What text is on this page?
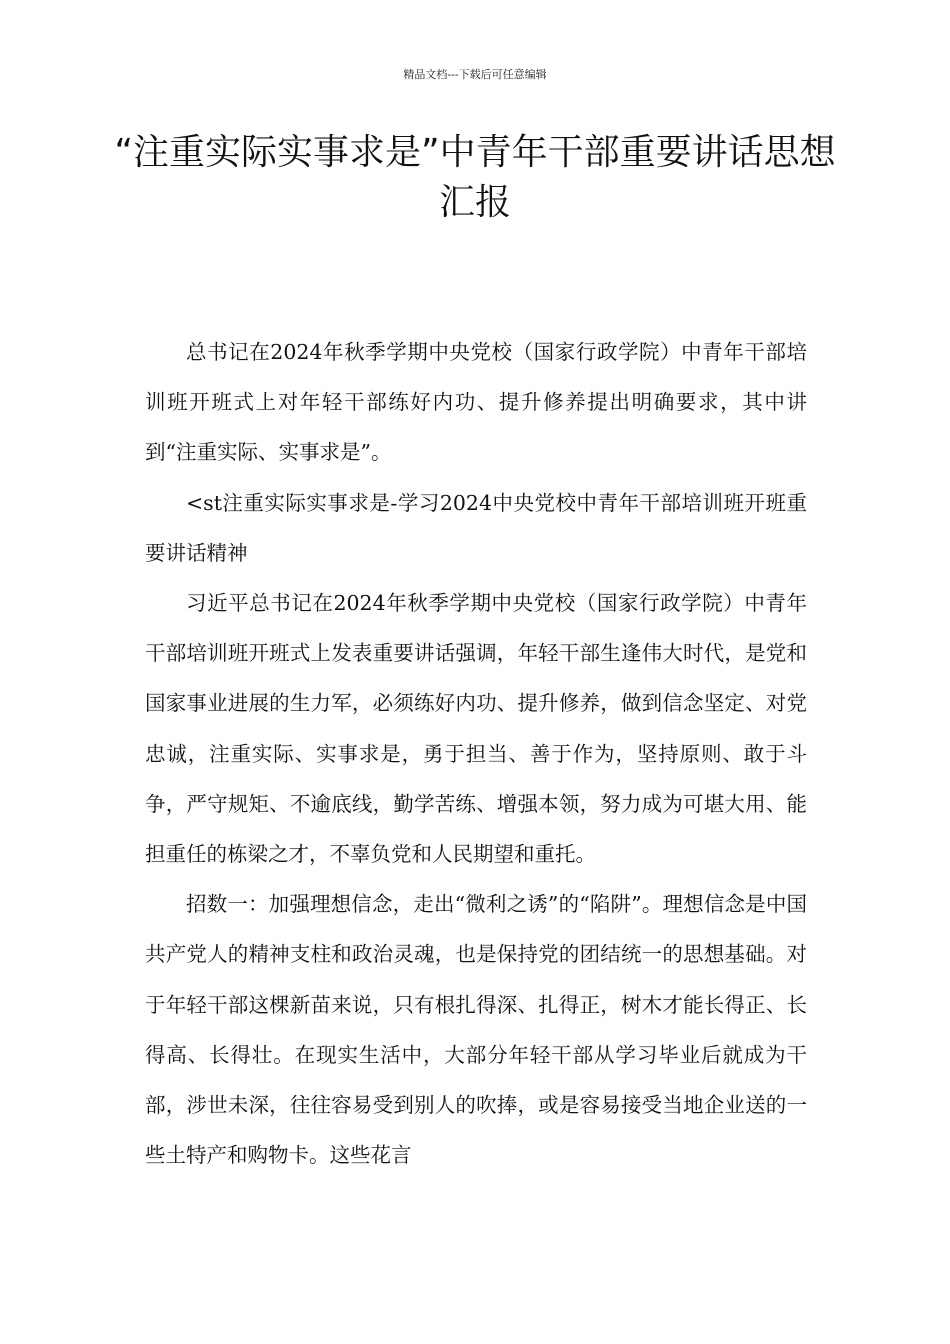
精品文档---下载后可任意编辑
“注重实际实事求是”中青年干部重要讲话思想汇报

总书记在2024年秋季学期中央党校（国家行政学院）中青年干部培训班开班式上对年轻干部练好内功、提升修养提出明确要求，其中讲到“注重实际、实事求是”。

<st注重实际实事求是-学习2024中央党校中青年干部培训班开班重要讲话精神

习近平总书记在2024年秋季学期中央党校（国家行政学院）中青年干部培训班开班式上发表重要讲话强调，年轻干部生逢伟大时代，是党和国家事业进展的生力军，必须练好内功、提升修养，做到信念坚定、对党忠诚，注重实际、实事求是，勇于担当、善于作为，坚持原则、敢于斗争，严守规矩、不逾底线，勤学苦练、增强本领，努力成为可堪大用、能担重任的栋梁之才，不辜负党和人民期望和重托。

招数一：加强理想信念，走出“微利之诱”的“陷阱”。理想信念是中国共产党人的精神支柱和政治灵魂，也是保持党的团结统一的思想基础。对于年轻干部这棵新苗来说，只有根扎得深、扎得正，树木才能长得正、长得高、长得壮。在现实生活中，大部分年轻干部从学习毕业后就成为干部，涉世未深，往往容易受到别人的吹捧，或是容易接受当地企业送的一些土特产和购物卡。这些花言
